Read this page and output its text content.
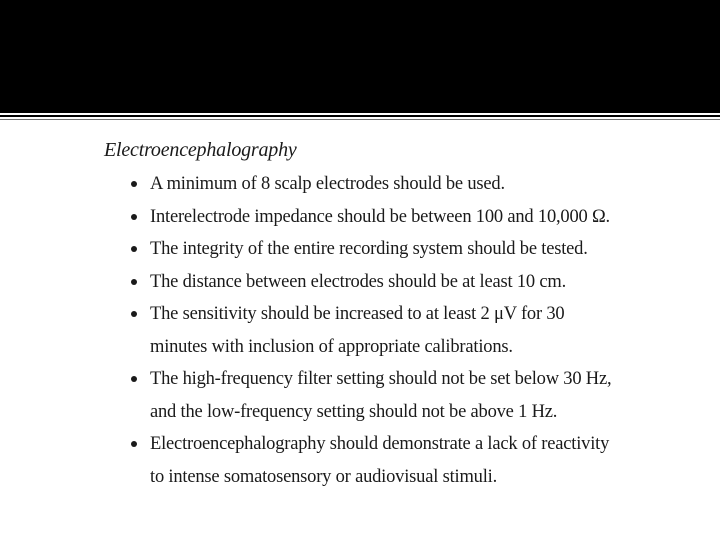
Electroencephalography
A minimum of 8 scalp electrodes should be used.
Interelectrode impedance should be between 100 and 10,000 Ω.
The integrity of the entire recording system should be tested.
The distance between electrodes should be at least 10 cm.
The sensitivity should be increased to at least 2 μV for 30 minutes with inclusion of appropriate calibrations.
The high-frequency filter setting should not be set below 30 Hz, and the low-frequency setting should not be above 1 Hz.
Electroencephalography should demonstrate a lack of reactivity to intense somatosensory or audiovisual stimuli.
